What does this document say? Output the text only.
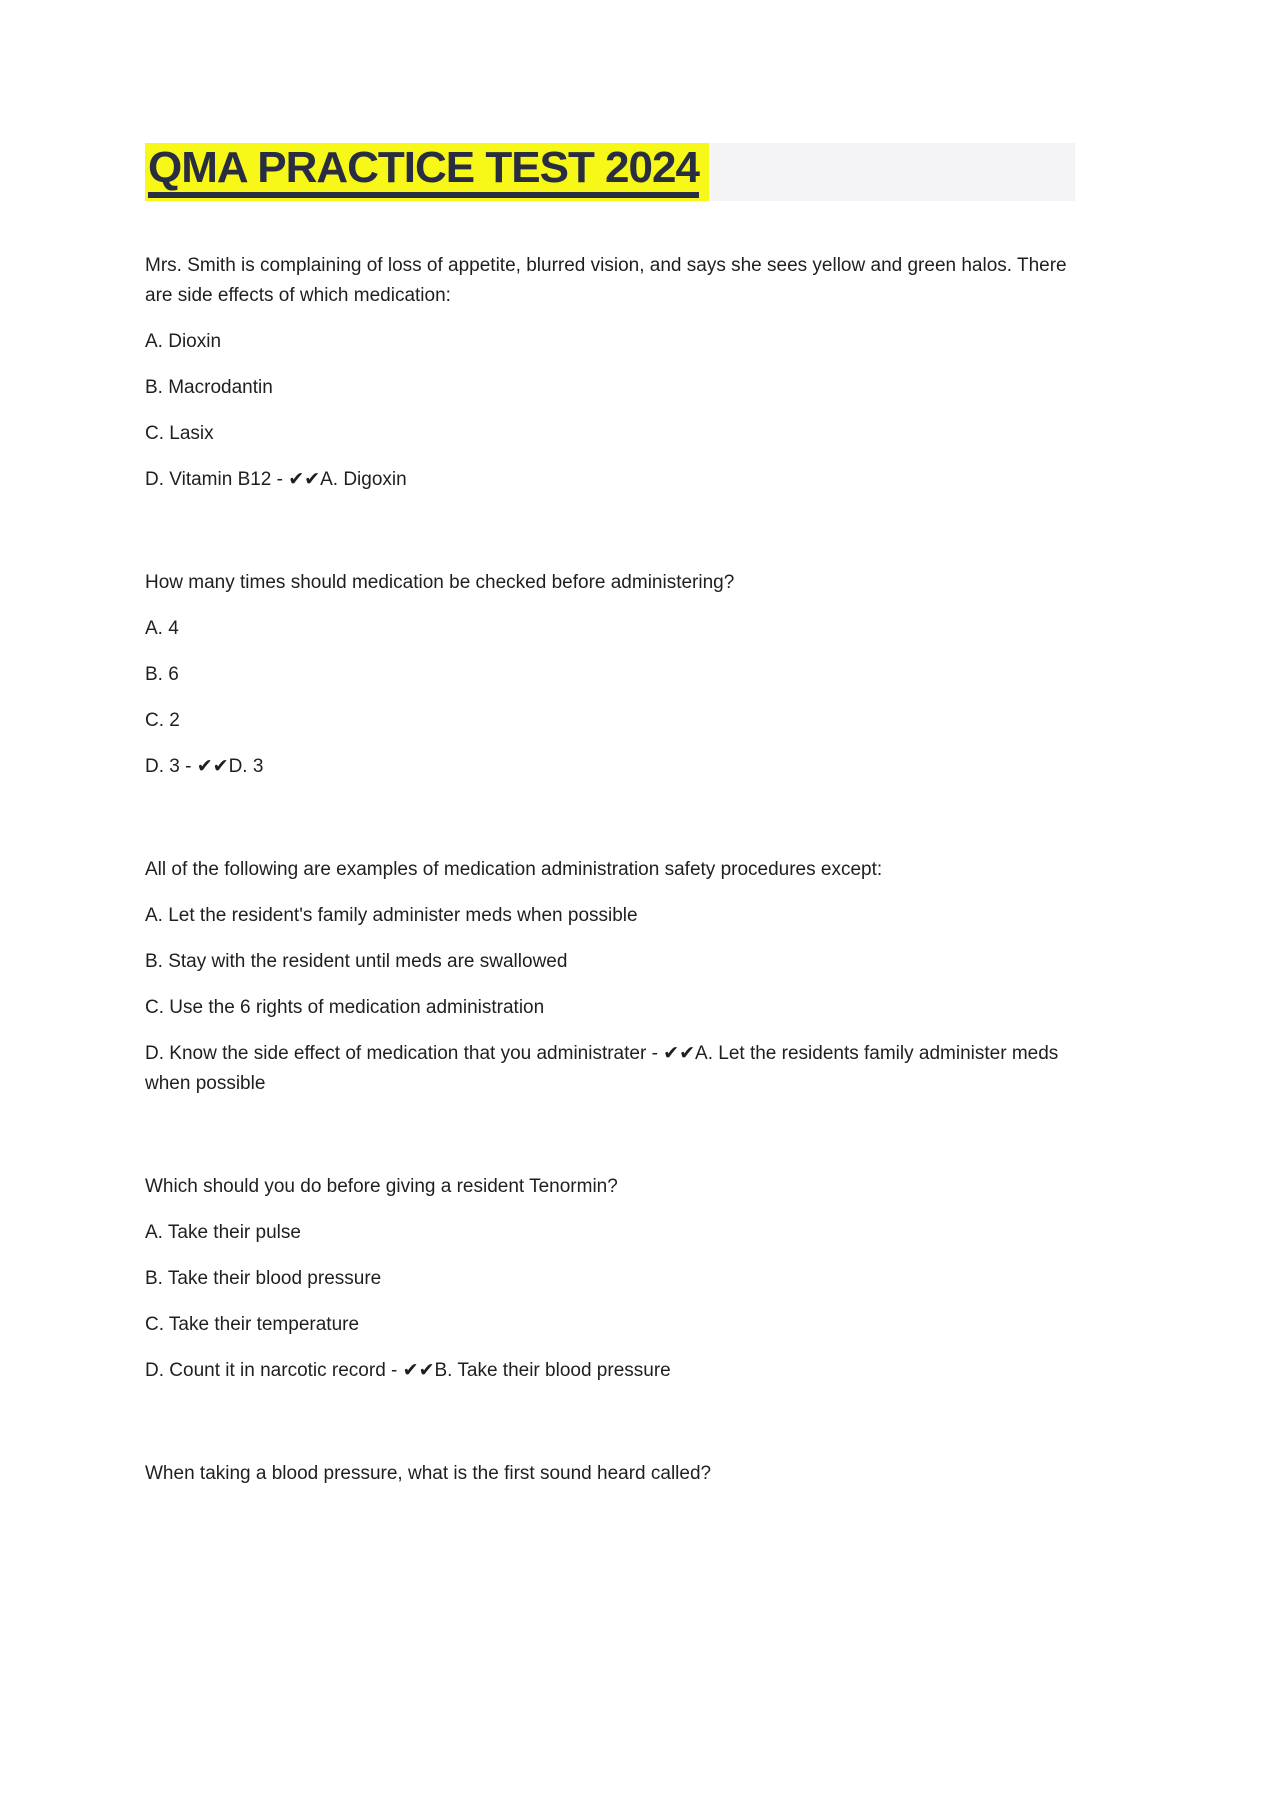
QMA PRACTICE TEST 2024

Mrs. Smith is complaining of loss of appetite, blurred vision, and says she sees yellow and green halos. There are side effects of which medication:

A. Dioxin

B. Macrodantin

C. Lasix

D. Vitamin B12 - ✔✔A. Digoxin

How many times should medication be checked before administering?

A. 4

B. 6

C. 2

D. 3 - ✔✔D. 3

All of the following are examples of medication administration safety procedures except:

A. Let the resident's family administer meds when possible

B. Stay with the resident until meds are swallowed

C. Use the 6 rights of medication administration

D. Know the side effect of medication that you administrater - ✔✔A. Let the residents family administer meds when possible

Which should you do before giving a resident Tenormin?

A. Take their pulse

B. Take their blood pressure

C. Take their temperature

D. Count it in narcotic record - ✔✔B. Take their blood pressure

When taking a blood pressure, what is the first sound heard called?
